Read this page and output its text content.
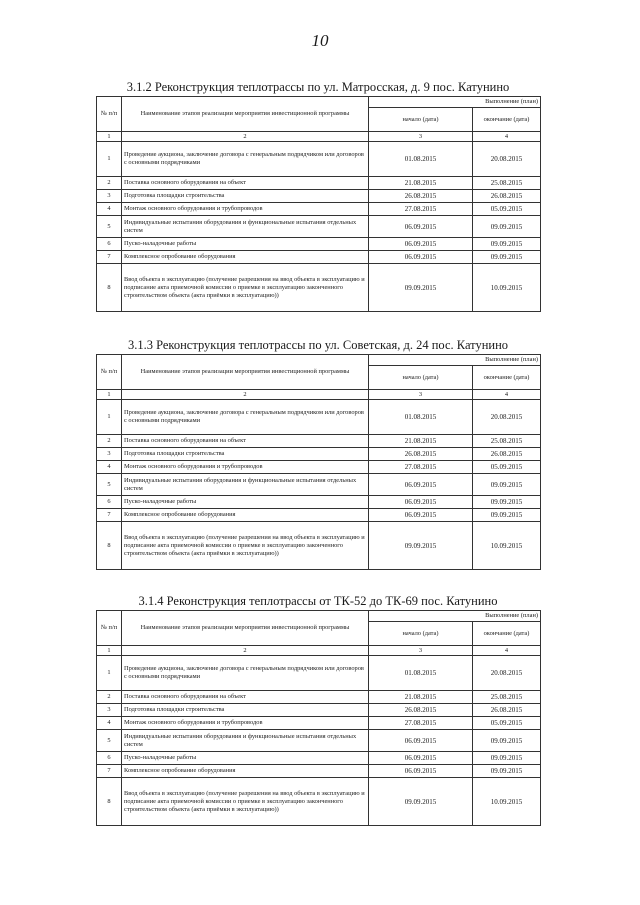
10
3.1.2 Реконструкция теплотрассы по ул. Матросская, д. 9 пос. Катунино
№ п/п	Наименование этапов реализации мероприятия инвестиционной программы	Выполнение (план)	
		начало (дата)	окончание (дата)
1	2	3	4
1	Проведение аукциона, заключение договора с генеральным подрядчиком или договоров с основными подрядчиками	01.08.2015	20.08.2015
2	Поставка основного оборудования на объект	21.08.2015	25.08.2015
3	Подготовка площадки строительства	26.08.2015	26.08.2015
4	Монтаж основного оборудования и трубопроводов	27.08.2015	05.09.2015
5	Индивидуальные испытания оборудования и функциональные испытания отдельных систем	06.09.2015	09.09.2015
6	Пуско-наладочные работы	06.09.2015	09.09.2015
7	Комплексное опробование оборудования	06.09.2015	09.09.2015
8	Ввод объекта в эксплуатацию (получение разрешения на ввод объекта в эксплуатацию и подписание акта приемочной комиссии о приемке в эксплуатацию законченного строительством объекта (акта приёмки в эксплуатацию))	09.09.2015	10.09.2015
3.1.3 Реконструкция теплотрассы по ул. Советская, д. 24 пос. Катунино
№ п/п	Наименование этапов реализации мероприятия инвестиционной программы	Выполнение (план)	
		начало (дата)	окончание (дата)
1	2	3	4
1	Проведение аукциона, заключение договора с генеральным подрядчиком или договоров с основными подрядчиками	01.08.2015	20.08.2015
2	Поставка основного оборудования на объект	21.08.2015	25.08.2015
3	Подготовка площадки строительства	26.08.2015	26.08.2015
4	Монтаж основного оборудования и трубопроводов	27.08.2015	05.09.2015
5	Индивидуальные испытания оборудования и функциональные испытания отдельных систем	06.09.2015	09.09.2015
6	Пуско-наладочные работы	06.09.2015	09.09.2015
7	Комплексное опробование оборудования	06.09.2015	09.09.2015
8	Ввод объекта в эксплуатацию (получение разрешения на ввод объекта в эксплуатацию и подписание акта приемочной комиссии о приемке в эксплуатацию законченного строительством объекта (акта приёмки в эксплуатацию))	09.09.2015	10.09.2015
3.1.4 Реконструкция теплотрассы от ТК-52 до ТК-69 пос. Катунино
№ п/п	Наименование этапов реализации мероприятия инвестиционной программы	Выполнение (план)	
		начало (дата)	окончание (дата)
1	2	3	4
1	Проведение аукциона, заключение договора с генеральным подрядчиком или договоров с основными подрядчиками	01.08.2015	20.08.2015
2	Поставка основного оборудования на объект	21.08.2015	25.08.2015
3	Подготовка площадки строительства	26.08.2015	26.08.2015
4	Монтаж основного оборудования и трубопроводов	27.08.2015	05.09.2015
5	Индивидуальные испытания оборудования и функциональные испытания отдельных систем	06.09.2015	09.09.2015
6	Пуско-наладочные работы	06.09.2015	09.09.2015
7	Комплексное опробование оборудования	06.09.2015	09.09.2015
8	Ввод объекта в эксплуатацию (получение разрешения на ввод объекта в эксплуатацию и подписание акта приемочной комиссии о приемке в эксплуатацию законченного строительством объекта (акта приёмки в эксплуатацию))	09.09.2015	10.09.2015
